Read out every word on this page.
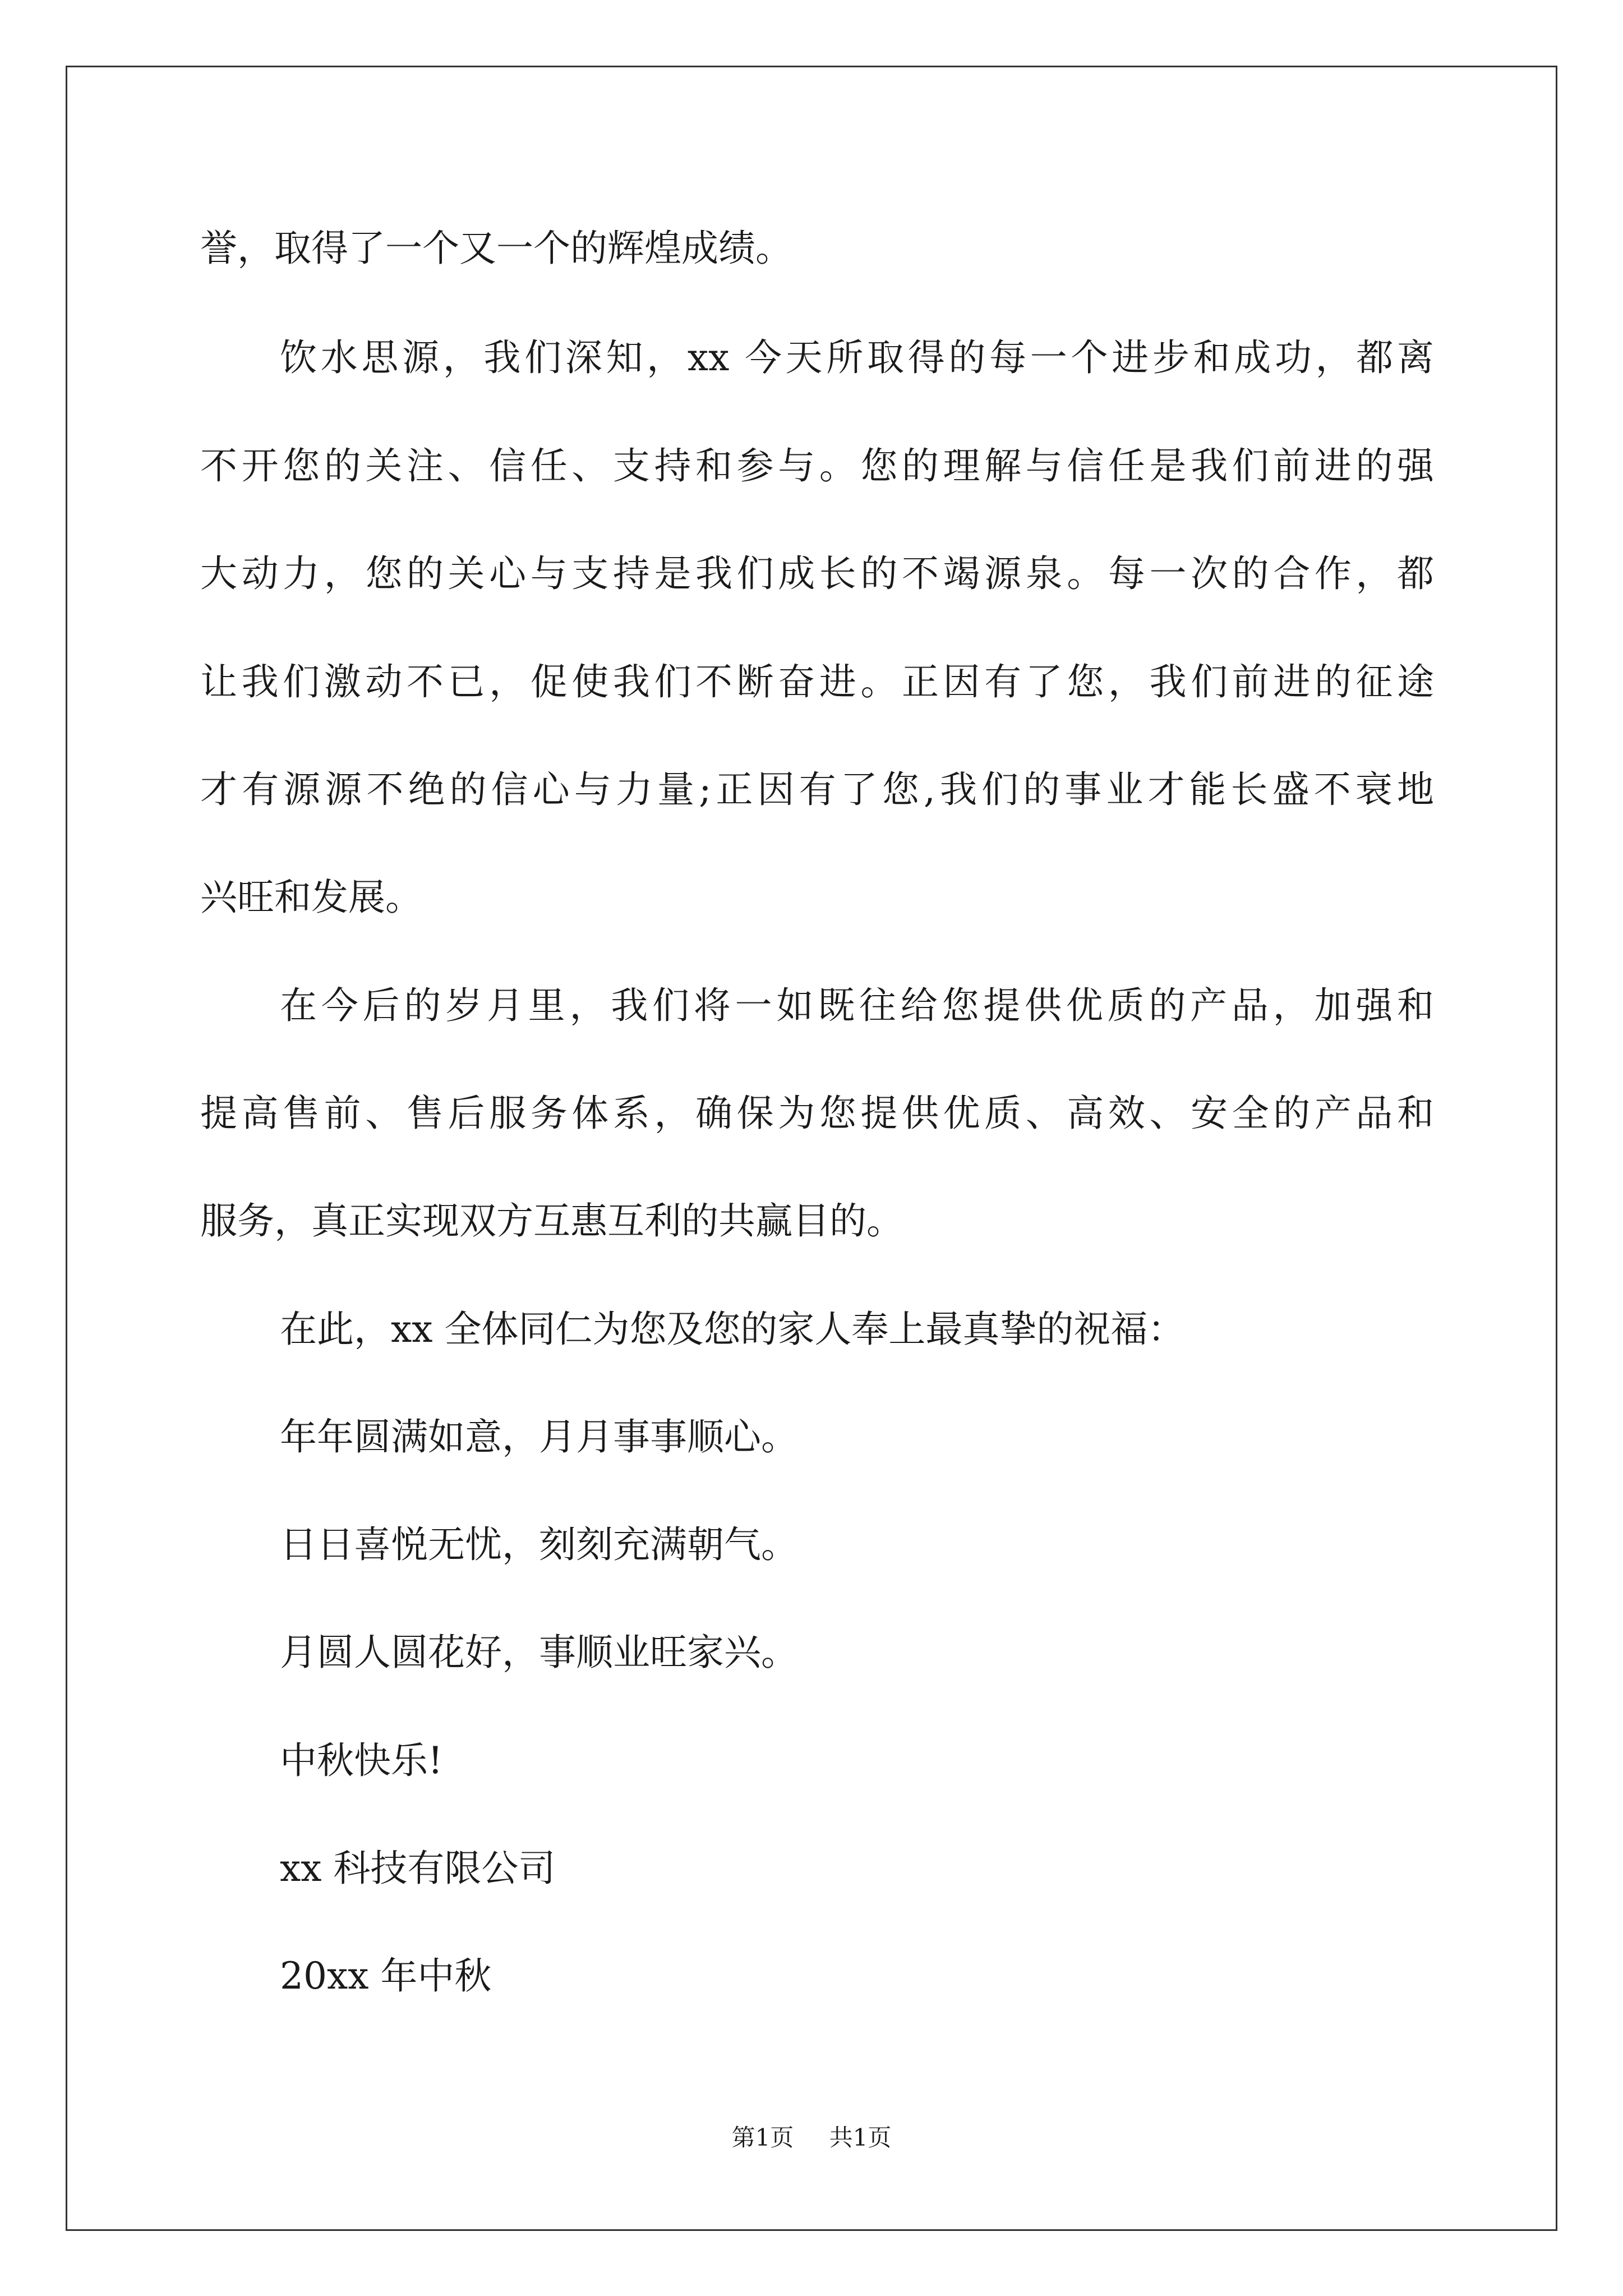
誉，取得了一个又一个的辉煌成绩。
饮水思源，我们深知，xx 今天所取得的每一个进步和成功，都离
不开您的关注、信任、支持和参与。您的理解与信任是我们前进的强
大动力，您的关心与支持是我们成长的不竭源泉。每一次的合作，都
让我们激动不已，促使我们不断奋进。正因有了您，我们前进的征途
才有源源不绝的信心与力量;正因有了您,我们的事业才能长盛不衰地
兴旺和发展。
在今后的岁月里，我们将一如既往给您提供优质的产品，加强和
提高售前、售后服务体系，确保为您提供优质、高效、安全的产品和
服务，真正实现双方互惠互利的共赢目的。
在此，xx 全体同仁为您及您的家人奉上最真挚的祝福：
年年圆满如意，月月事事顺心。
日日喜悦无忧，刻刻充满朝气。
月圆人圆花好，事顺业旺家兴。
中秋快乐!
xx 科技有限公司
20xx 年中秋
第1页 共1页
